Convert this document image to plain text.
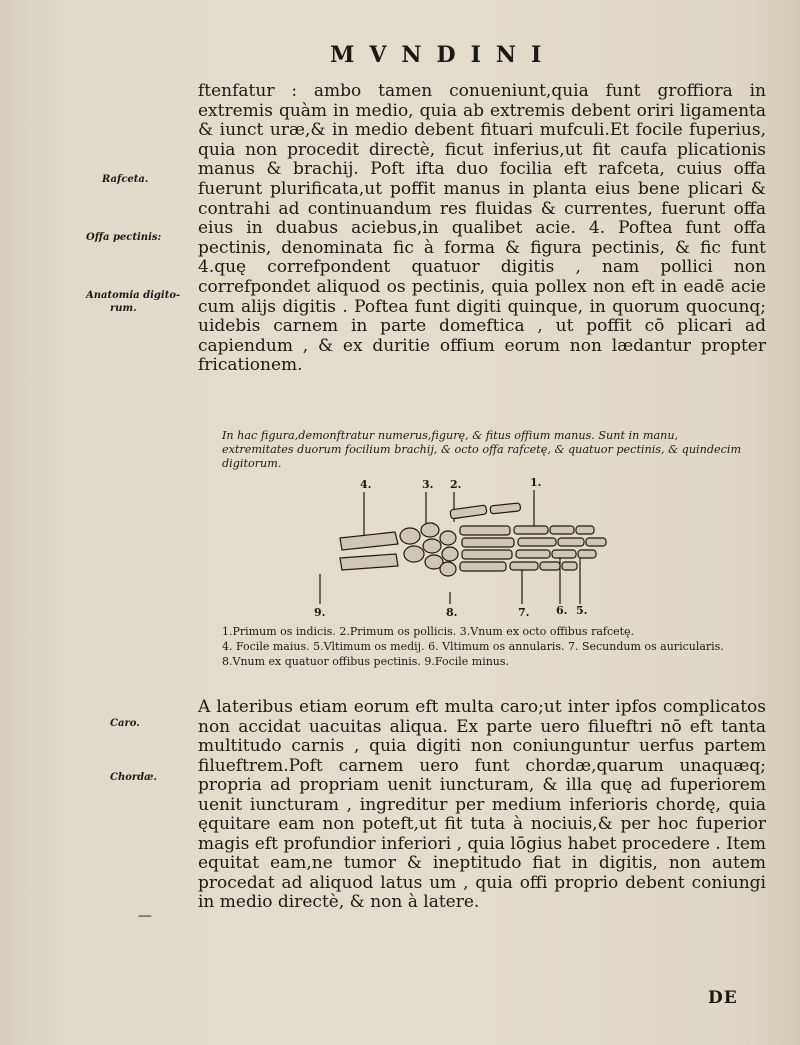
MVNDINI

ftenfatur : ambo tamen conueniunt,quia funt groffiora in extremis quàm in medio, quia ab extremis debent oriri ligamenta & iunct uræ,& in medio debent fituari mufculi.Et focile fuperius, quia non procedit directè, ficut inferius,ut fit caufa plicationis manus & brachij. Poft ifta duo focilia eft rafceta, cuius offa fuerunt plurificata,ut poffit manus in planta eius bene plicari & contrahi ad continuandum res fluidas & currentes, fuerunt offa eius in duabus aciebus,in qualibet acie. 4. Poftea funt offa pectinis, denominata fic à forma & figura pectinis, & fic funt 4.quę correfpondent quatuor digitis , nam pollici non correfpondet aliquod os pectinis, quia pollex non eft in eadē acie cum alijs digitis . Poftea funt digiti quinque, in quorum quocunq; uidebis carnem in parte domeftica , ut poffit cō plicari ad capiendum , & ex duritie offium eorum non lædantur propter fricationem.

Rafceta.
Offa pectinis:
Anatomia digito-
rum.
In hac figura,demonftratur numerus,figurę, & fitus offium manus. Sunt in manu, extremitates duorum focilium brachij, & octo offa rafcetę, & quatuor pectinis, & quindecim digitorum.
4.	3. 2.	1.
9.	8.	7. 6. 5.
1.Primum os indicis. 2.Primum os pollicis. 3.Vnum ex octo offibus rafcetę.
4. Focile maius. 5.Vltimum os medij. 6. Vltimum os annularis. 7. Secundum os auricularis. 8.Vnum ex quatuor offibus pectinis. 9.Focile minus.

A lateribus etiam eorum eft multa caro;ut inter ipfos complicatos non accidat uacuitas aliqua. Ex parte uero filueftri nō eft tanta multitudo carnis , quia digiti non coniunguntur uerfus partem filueftrem.Poft carnem uero funt chordæ,quarum unaquæq; propria ad propriam uenit iuncturam, & illa quę ad fuperiorem uenit iuncturam , ingreditur per medium inferioris chordę, quia ęquitare eam non poteft,ut fit tuta à nociuis,& per hoc fuperior magis eft profundior inferiori , quia lōgius habet procedere . Item equitat eam,ne tumor & ineptitudo fiat in digitis, non autem procedat ad aliquod latus um , quia offi proprio debent coniungi in medio directè, & non à latere.

Caro.
Chordæ.
DE
—
